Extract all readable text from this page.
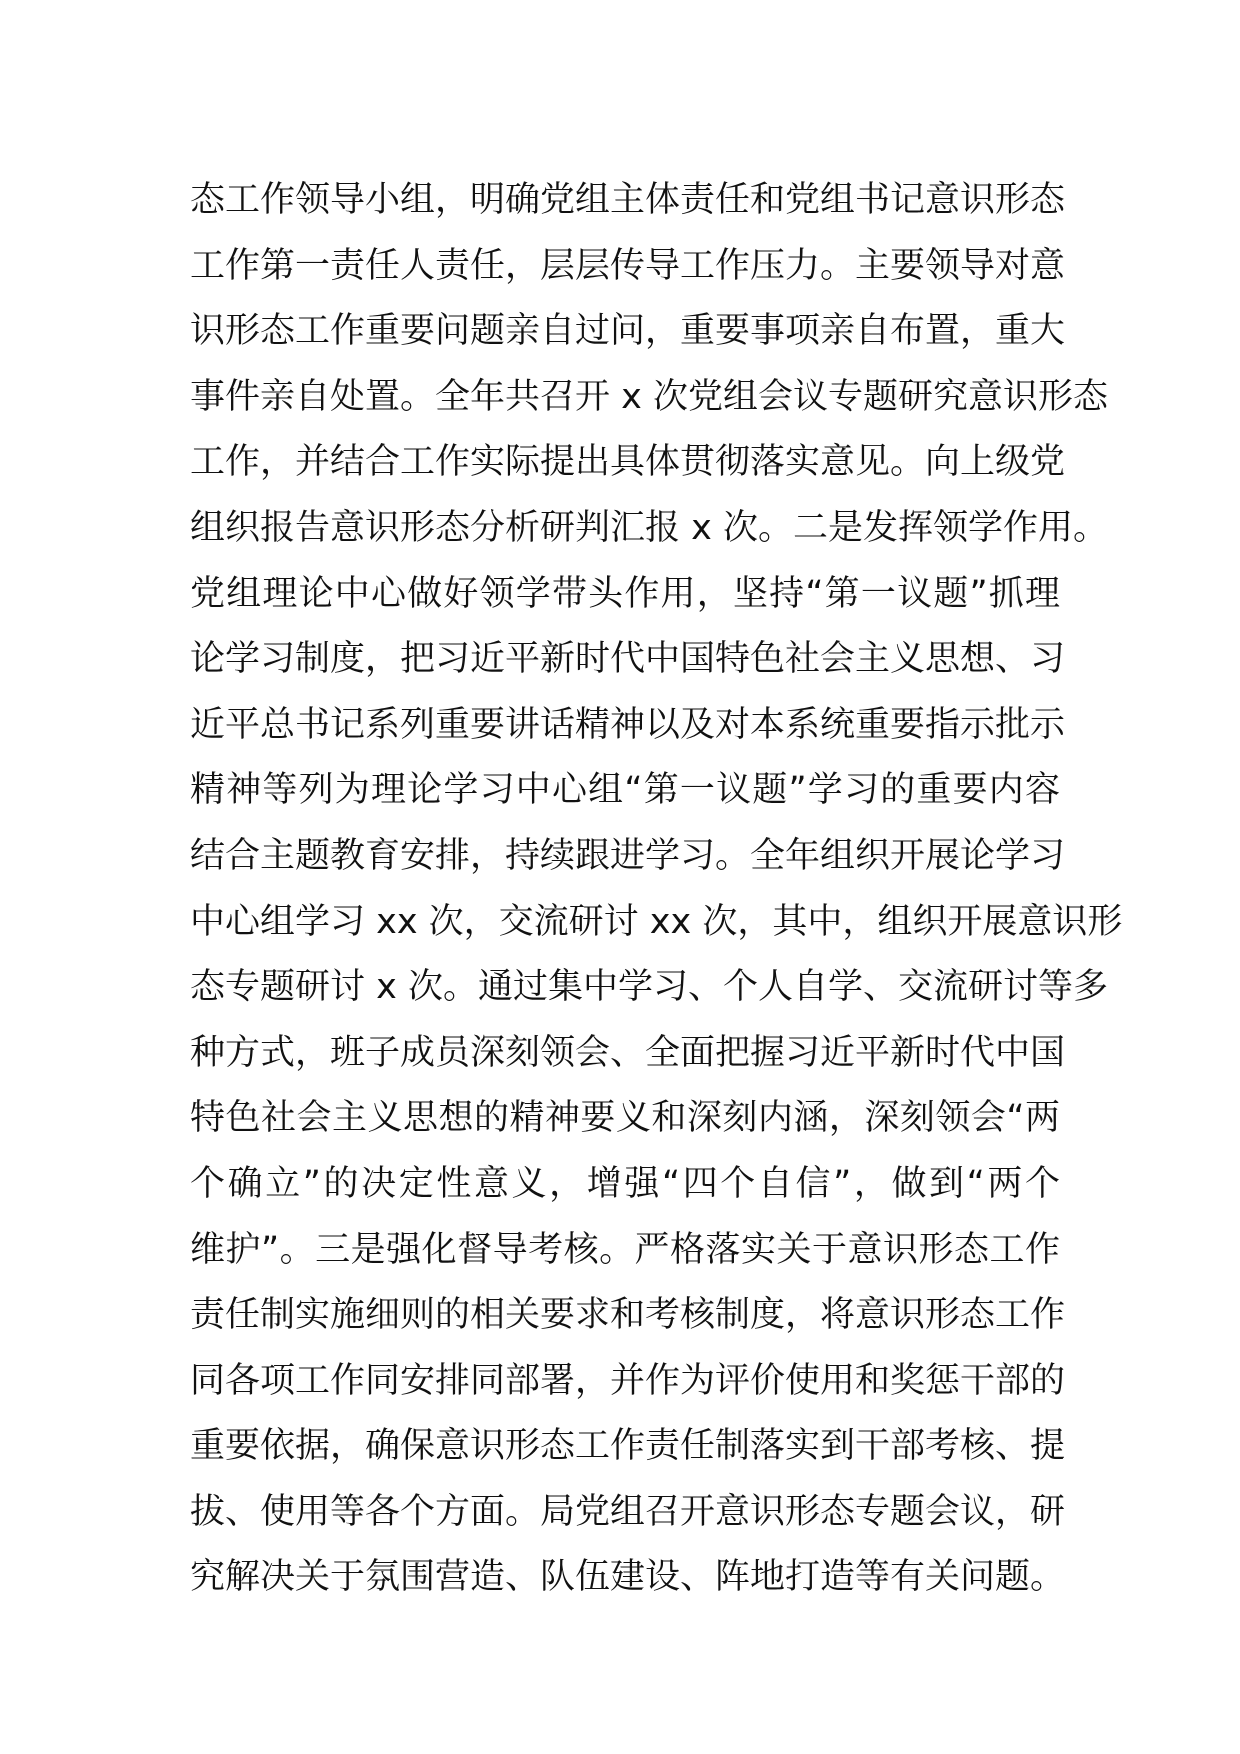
态工作领导小组，明确党组主体责任和党组书记意识形态
工作第一责任人责任，层层传导工作压力。主要领导对意
识形态工作重要问题亲自过问，重要事项亲自布置，重大
事件亲自处置。全年共召开 x 次党组会议专题研究意识形态
工作，并结合工作实际提出具体贯彻落实意见。向上级党
组织报告意识形态分析研判汇报 x 次。二是发挥领学作用。
党组理论中心做好领学带头作用，坚持“第一议题”抓理
论学习制度，把习近平新时代中国特色社会主义思想、习
近平总书记系列重要讲话精神以及对本系统重要指示批示
精神等列为理论学习中心组“第一议题”学习的重要内容
结合主题教育安排，持续跟进学习。全年组织开展论学习
中心组学习 xx 次，交流研讨 xx 次，其中，组织开展意识形
态专题研讨 x 次。通过集中学习、个人自学、交流研讨等多
种方式，班子成员深刻领会、全面把握习近平新时代中国
特色社会主义思想的精神要义和深刻内涵，深刻领会“两
个确立”的决定性意义，增强“四个自信”，做到“两个
维护”。三是强化督导考核。严格落实关于意识形态工作
责任制实施细则的相关要求和考核制度，将意识形态工作
同各项工作同安排同部署，并作为评价使用和奖惩干部的
重要依据，确保意识形态工作责任制落实到干部考核、提
拔、使用等各个方面。局党组召开意识形态专题会议，研
究解决关于氛围营造、队伍建设、阵地打造等有关问题。
